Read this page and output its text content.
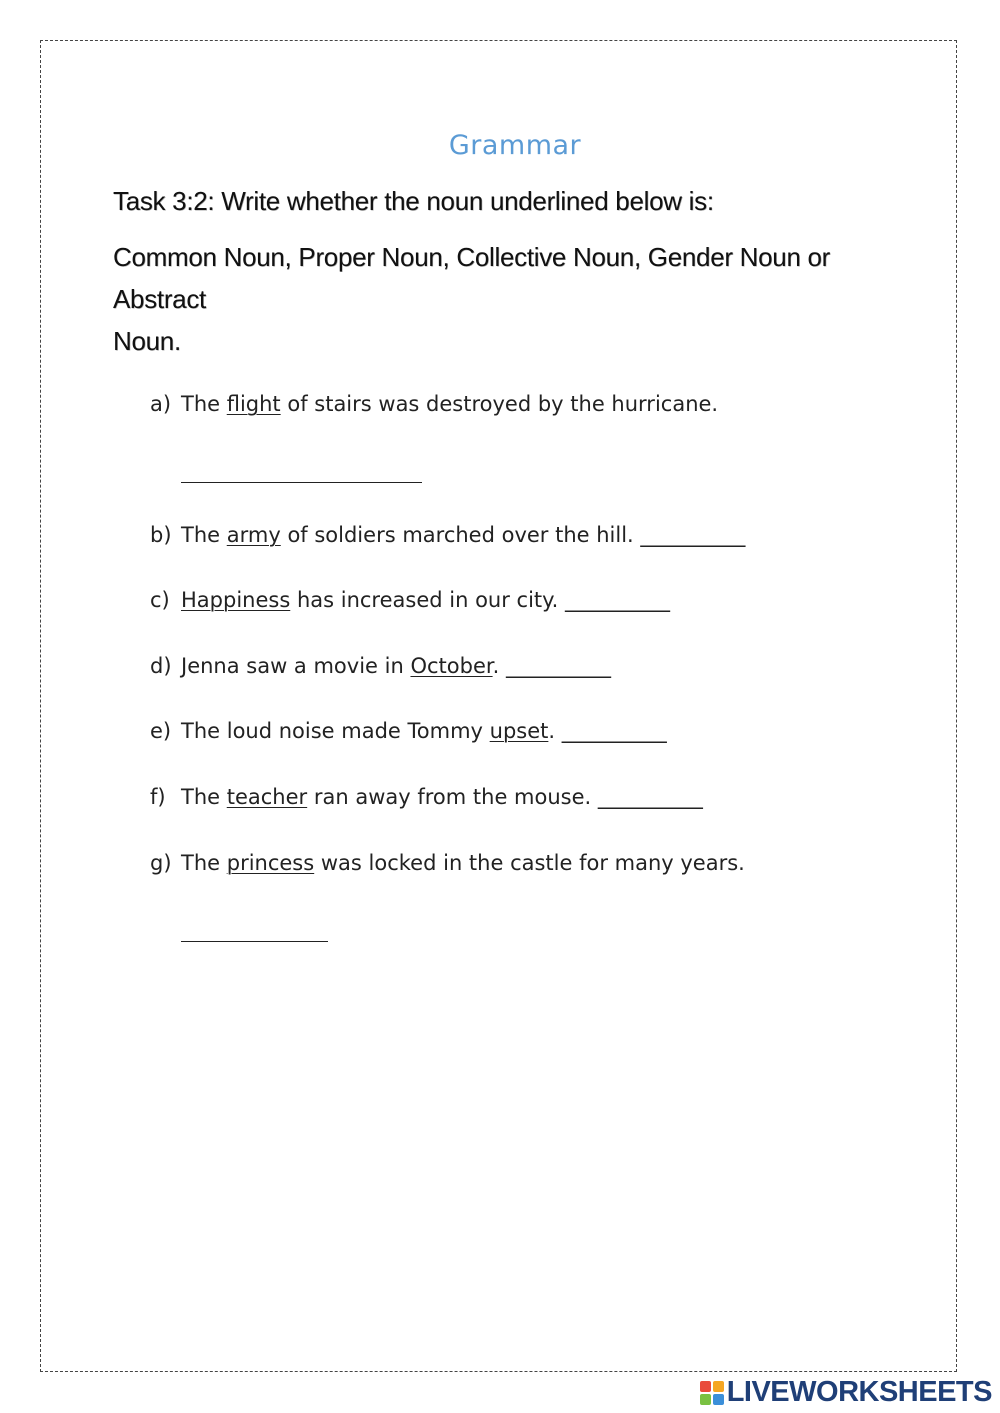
Grammar
Task 3:2: Write whether the noun underlined below is:
Common Noun, Proper Noun, Collective Noun, Gender Noun or Abstract
Noun.
a) The flight of stairs was destroyed by the hurricane.
b) The army of soldiers marched over the hill. __________
c) Happiness has increased in our city. __________
d) Jenna saw a movie in October. __________
e) The loud noise made Tommy upset. __________
f) The teacher ran away from the mouse. __________
g) The princess was locked in the castle for many years.
LIVEWORKSHEETS
